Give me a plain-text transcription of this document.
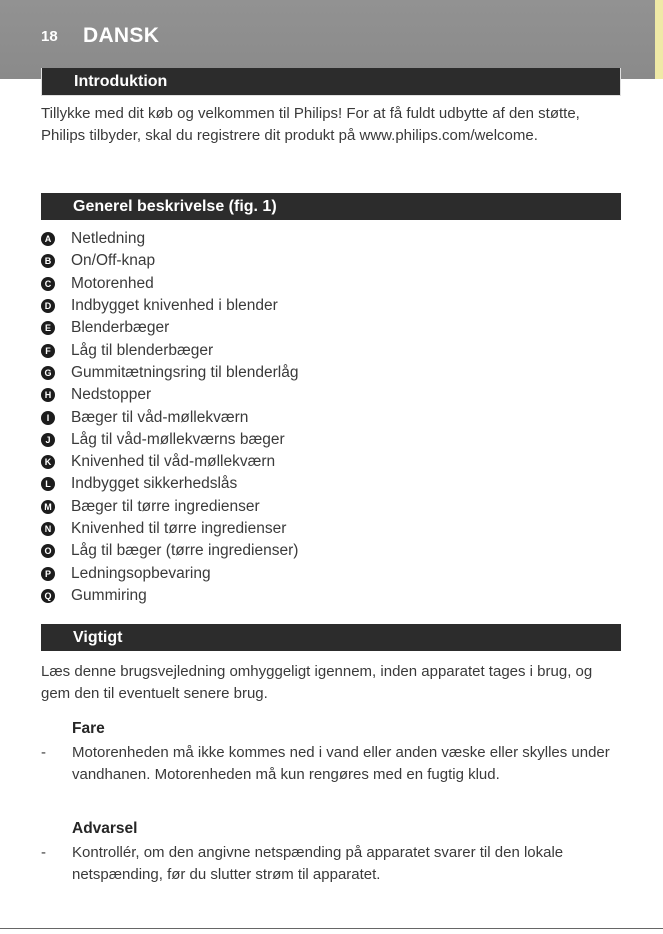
18 DANSK
Introduktion

Tillykke med dit køb og velkommen til Philips! For at få fuldt udbytte af den støtte, Philips tilbyder, skal du registrere dit produkt på www.philips.com/welcome.

Generel beskrivelse (fig. 1)
A Netledning
B On/Off-knap
C Motorenhed
D Indbygget knivenhed i blender
E Blenderbæger
F Låg til blenderbæger
G Gummitætningsring til blenderlåg
H Nedstopper
I	Bæger til våd-møllekværn
J Låg til våd-møllekværns bæger
K Knivenhed til våd-møllekværn
L Indbygget sikkerhedslås
M Bæger til tørre ingredienser
N Knivenhed til tørre ingredienser
O Låg til bæger (tørre ingredienser)
P Ledningsopbevaring
Q Gummiring
Vigtigt

Læs denne brugsvejledning omhyggeligt igennem, inden apparatet tages i brug, og gem den til eventuelt senere brug.

Fare

-	Motorenheden må ikke kommes ned i vand eller anden væske eller skylles under vandhanen. Motorenheden må kun rengøres med en fugtig klud.

Advarsel

-	Kontrollér, om den angivne netspænding på apparatet svarer til den lokale netspænding, før du slutter strøm til apparatet.
